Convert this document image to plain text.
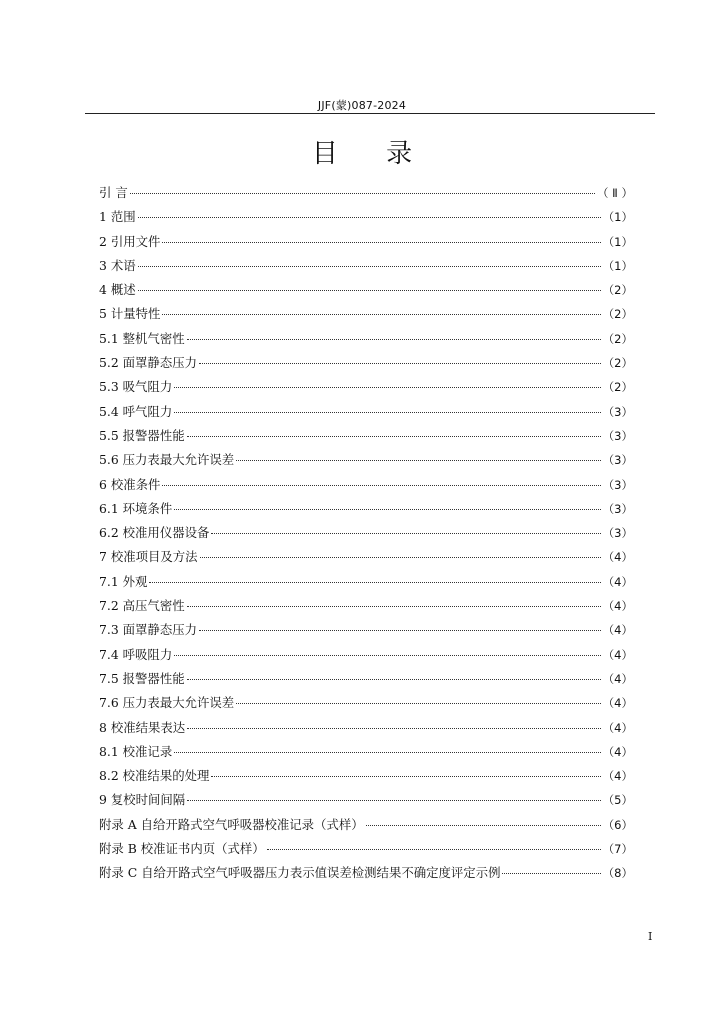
JJF(蒙)087-2024
目 录
引 言	（ Ⅱ ）
1 范围	（1）
2 引用文件	（1）
3 术语	（1）
4 概述	（2）
5 计量特性	（2）
5.1 整机气密性	（2）
5.2 面罩静态压力	（2）
5.3 吸气阻力	（2）
5.4 呼气阻力	（3）
5.5 报警器性能	（3）
5.6 压力表最大允许误差	（3）
6 校准条件	（3）
6.1 环境条件	（3）
6.2 校准用仪器设备	（3）
7 校准项目及方法	（4）
7.1 外观	（4）
7.2 高压气密性	（4）
7.3 面罩静态压力	（4）
7.4 呼吸阻力	（4）
7.5 报警器性能	（4）
7.6 压力表最大允许误差	（4）
8 校准结果表达	（4）
8.1 校准记录	（4）
8.2 校准结果的处理	（4）
9 复校时间间隔	（5）
附录 A 自给开路式空气呼吸器校准记录（式样）	（6）
附录 B 校准证书内页（式样）	（7）
附录 C 自给开路式空气呼吸器压力表示值误差检测结果不确定度评定示例	（8）
I
